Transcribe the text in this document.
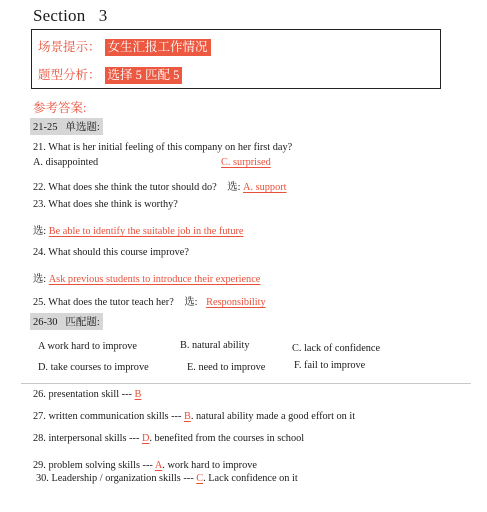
Section   3
场景提示： 女生汇报工作情况
题型分析： 选择 5 匹配 5
参考答案:
21-25   单选题:
21. What is her initial feeling of this company on her first day?
A. disappointed	C. surprised
22. What does she think the tutor should do? 选: A. support
23. What does she think is worthy?
选: Be able to identify the suitable job in the future
24. What should this course improve?
选: Ask previous students to introduce their experience
25. What does the tutor teach her? 选: Responsibility
26-30   匹配题:
A work hard to improve	B. natural ability	C. lack of confidence
D. take courses to improve	E. need to improve	F. fail to improve
26. presentation skill --- B
27. written communication skills --- B. natural ability made a good effort on it
28. interpersonal skills --- D. benefited from the courses in school
29. problem solving skills --- A. work hard to improve
30. Leadership / organization skills --- C. Lack confidence on it
